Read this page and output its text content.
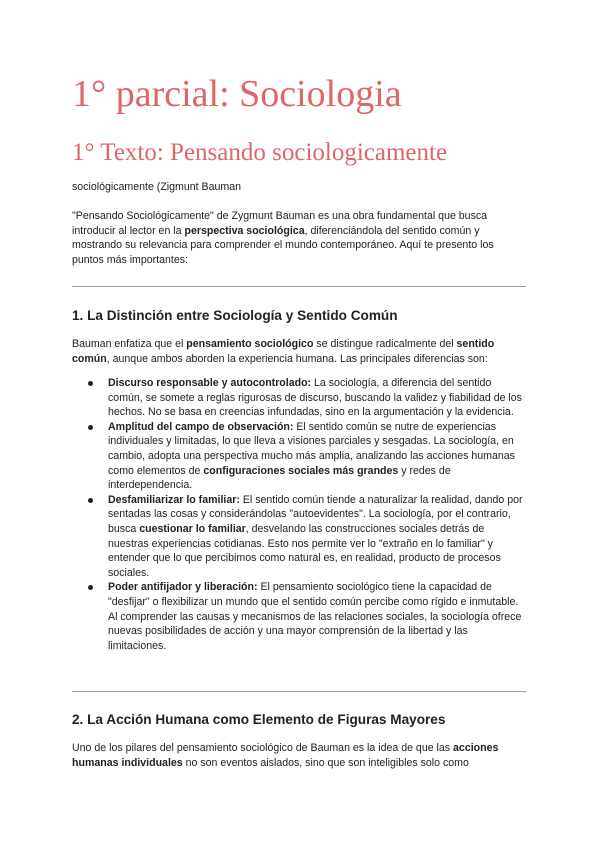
1° parcial: Sociologia
1° Texto: Pensando sociologicamente

sociológicamente (Zigmunt Bauman

"Pensando Sociológicamente" de Zygmunt Bauman es una obra fundamental que busca introducir al lector en la perspectiva sociológica, diferenciándola del sentido común y mostrando su relevancia para comprender el mundo contemporáneo. Aquí te presento los puntos más importantes:

1. La Distinción entre Sociología y Sentido Común

Bauman enfatiza que el pensamiento sociológico se distingue radicalmente del sentido común, aunque ambos aborden la experiencia humana. Las principales diferencias son:

Discurso responsable y autocontrolado: La sociología, a diferencia del sentido común, se somete a reglas rigurosas de discurso, buscando la validez y fiabilidad de los hechos. No se basa en creencias infundadas, sino en la argumentación y la evidencia.
Amplitud del campo de observación: El sentido común se nutre de experiencias individuales y limitadas, lo que lleva a visiones parciales y sesgadas. La sociología, en cambio, adopta una perspectiva mucho más amplia, analizando las acciones humanas como elementos de configuraciones sociales más grandes y redes de interdependencia.
Desfamiliarizar lo familiar: El sentido común tiende a naturalizar la realidad, dando por sentadas las cosas y considerándolas "autoevidentes". La sociología, por el contrario, busca cuestionar lo familiar, desvelando las construcciones sociales detrás de nuestras experiencias cotidianas. Esto nos permite ver lo "extraño en lo familiar" y entender que lo que percibimos como natural es, en realidad, producto de procesos sociales.
Poder antifijador y liberación: El pensamiento sociológico tiene la capacidad de "desfijar" o flexibilizar un mundo que el sentido común percibe como rígido e inmutable. Al comprender las causas y mecanismos de las relaciones sociales, la sociología ofrece nuevas posibilidades de acción y una mayor comprensión de la libertad y las limitaciones.
2. La Acción Humana como Elemento de Figuras Mayores

Uno de los pilares del pensamiento sociológico de Bauman es la idea de que las acciones humanas individuales no son eventos aislados, sino que son inteligibles solo como
